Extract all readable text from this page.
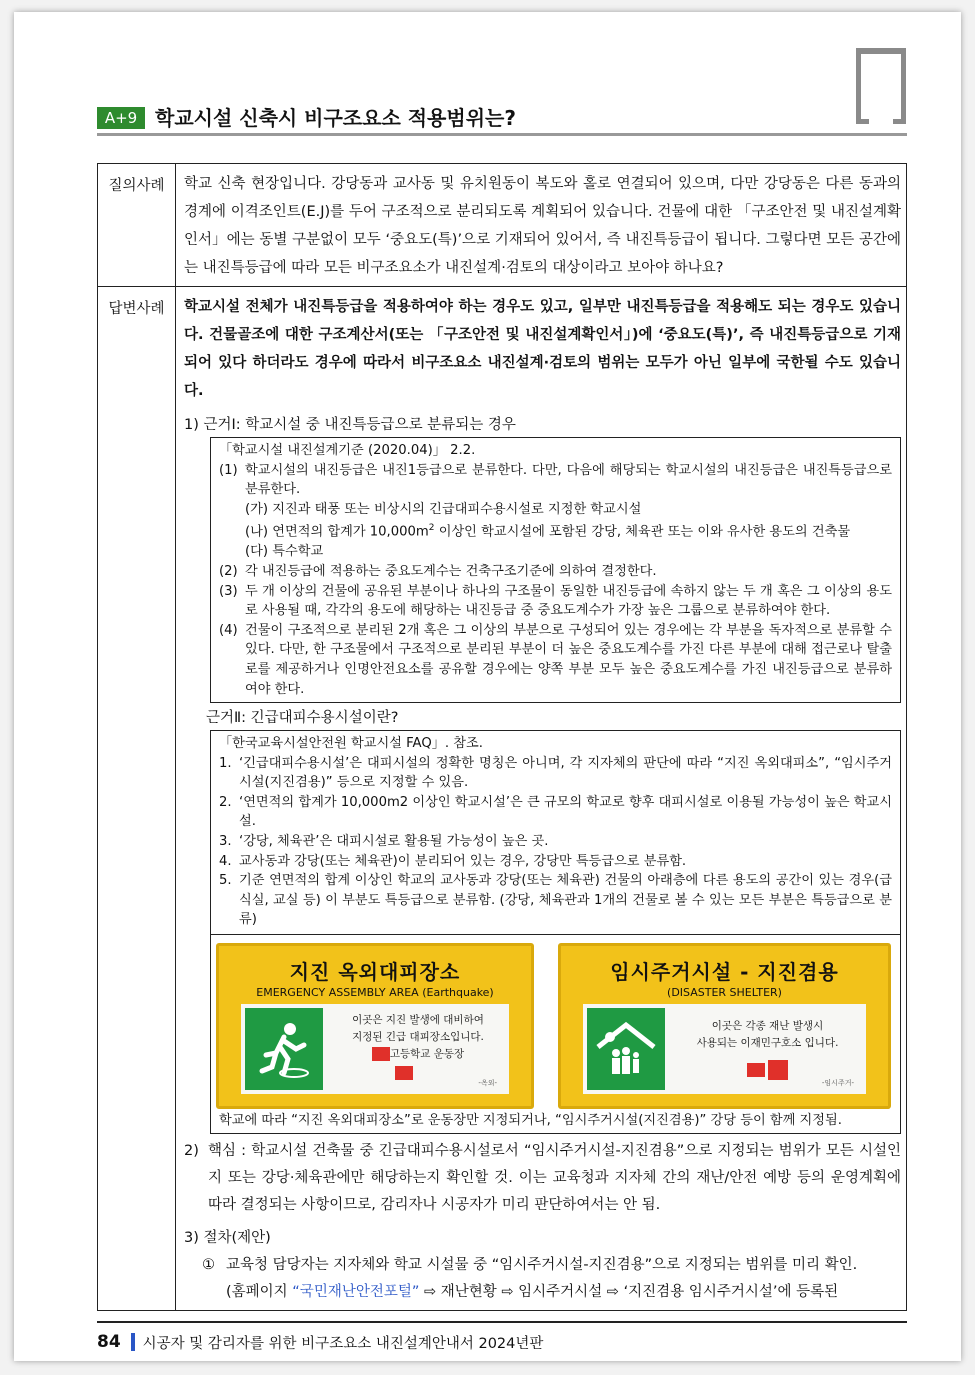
A+9 학교시설 신축시 비구조요소 적용범위는?
질의사례	학교 신축 현장입니다. 강당동과 교사동 및 유치원동이 복도와 홀로 연결되어 있으며, 다만 강당동은 다른 동과의 경계에 이격조인트(E.J)를 두어 구조적으로 분리되도록 계획되어 있습니다. 건물에 대한 「구조안전 및 내진설계확인서」에는 동별 구분없이 모두 ‘중요도(특)’으로 기재되어 있어서, 즉 내진특등급이 됩니다. 그렇다면 모든 공간에는 내진특등급에 따라 모든 비구조요소가 내진설계·검토의 대상이라고 보아야 하나요?

답변사례	학교시설 전체가 내진특등급을 적용하여야 하는 경우도 있고, 일부만 내진특등급을 적용해도 되는 경우도 있습니다. 건물골조에 대한 구조계산서(또는 「구조안전 및 내진설계확인서」)에 ‘중요도(특)’, 즉 내진특등급으로 기재되어 있다 하더라도 경우에 따라서 비구조요소 내진설계·검토의 범위는 모두가 아닌 일부에 국한될 수도 있습니다.

1) 근거Ⅰ: 학교시설 중 내진특등급으로 분류되는 경우
「학교시설 내진설계기준 (2020.04)」 2.2.
(1) 학교시설의 내진등급은 내진1등급으로 분류한다. 다만, 다음에 해당되는 학교시설의 내진등급은 내진특등급으로 분류한다.
(가) 지진과 태풍 또는 비상시의 긴급대피수용시설로 지정한 학교시설
(나) 연면적의 합계가 $10,000m^2$ 이상인 학교시설에 포함된 강당, 체육관 또는 이와 유사한 용도의 건축물
(다) 특수학교
(2) 각 내진등급에 적용하는 중요도계수는 건축구조기준에 의하여 결정한다.
(3) 두 개 이상의 건물에 공유된 부분이나 하나의 구조물이 동일한 내진등급에 속하지 않는 두 개 혹은 그 이상의 용도로 사용될 때, 각각의 용도에 해당하는 내진등급 중 중요도계수가 가장 높은 그룹으로 분류하여야 한다.
(4) 건물이 구조적으로 분리된 2개 혹은 그 이상의 부분으로 구성되어 있는 경우에는 각 부분을 독자적으로 분류할 수 있다. 다만, 한 구조물에서 구조적으로 분리된 부분이 더 높은 중요도계수를 가진 다른 부분에 대해 접근로나 탈출로를 제공하거나 인명안전요소를 공유할 경우에는 양쪽 부분 모두 높은 중요도계수를 가진 내진등급으로 분류하여야 한다.
근거Ⅱ: 긴급대피수용시설이란?
「한국교육시설안전원 학교시설 FAQ」. 참조.
1. ‘긴급대피수용시설’은 대피시설의 정확한 명칭은 아니며, 각 지자체의 판단에 따라 “지진 옥외대피소”, “임시주거시설(지진겸용)” 등으로 지정할 수 있음.
2. ‘연면적의 합계가 10,000m2 이상인 학교시설’은 큰 규모의 학교로 향후 대피시설로 이용될 가능성이 높은 학교시설.
3. ‘강당, 체육관’은 대피시설로 활용될 가능성이 높은 곳.
4. 교사동과 강당(또는 체육관)이 분리되어 있는 경우, 강당만 특등급으로 분류함.
5. 기준 연면적의 합계 이상인 학교의 교사동과 강당(또는 체육관) 건물의 아래층에 다른 용도의 공간이 있는 경우(급식실, 교실 등) 이 부분도 특등급으로 분류함. (강당, 체육관과 1개의 건물로 볼 수 있는 모든 부분은 특등급으로 분류)
지진 옥외대피장소
EMERGENCY ASSEMBLY AREA (Earthquake)
이곳은 지진 발생에 대비하여
지정된 긴급 대피장소입니다.
고등학교 운동장
-옥외-
임시주거시설 - 지진겸용
(DISASTER SHELTER)
이곳은 각종 재난 발생시
사용되는 이재민구호소 입니다.

-임시주거-
학교에 따라 “지진 옥외대피장소”로 운동장만 지정되거나, “임시주거시설(지진겸용)” 강당 등이 함께 지정됨.
2) 핵심 : 학교시설 건축물 중 긴급대피수용시설로서 “임시주거시설-지진겸용”으로 지정되는 범위가 모든 시설인지 또는 강당·체육관에만 해당하는지 확인할 것. 이는 교육청과 지자체 간의 재난/안전 예방 등의 운영계획에 따라 결정되는 사항이므로, 감리자나 시공자가 미리 판단하여서는 안 됨.
3) 절차(제안)
① 교육청 담당자는 지자체와 학교 시설물 중 “임시주거시설-지진겸용”으로 지정되는 범위를 미리 확인.
(홈페이지 “국민재난안전포털” ⇨ 재난현황 ⇨ 임시주거시설 ⇨ ‘지진겸용 임시주거시설’에 등록된
84 시공자 및 감리자를 위한 비구조요소 내진설계안내서 2024년판
